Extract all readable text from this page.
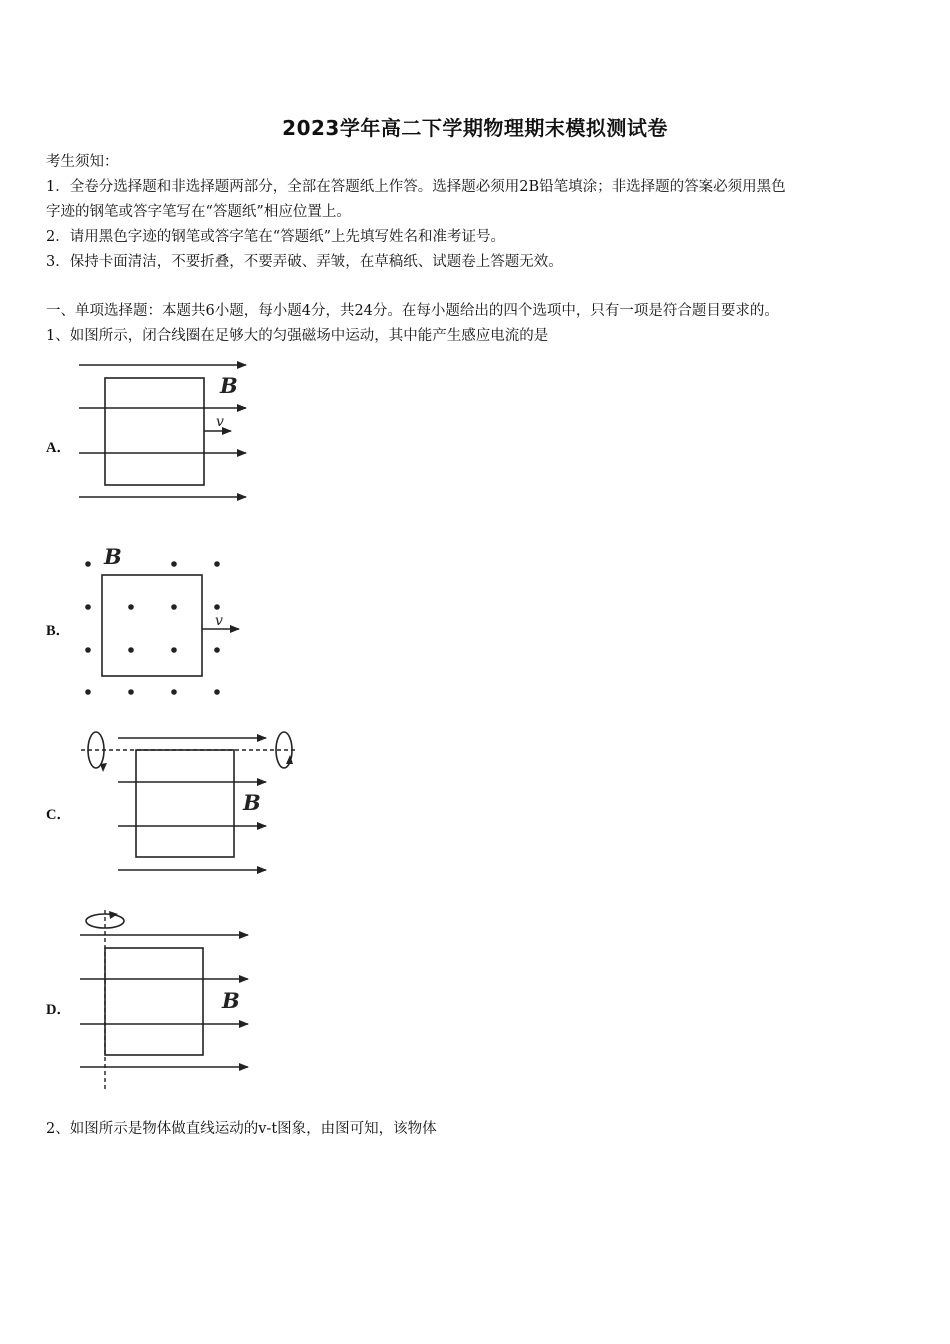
2023学年高二下学期物理期末模拟测试卷
考生须知：
1．全卷分选择题和非选择题两部分，全部在答题纸上作答。选择题必须用2B铅笔填涂；非选择题的答案必须用黑色
字迹的钢笔或答字笔写在“答题纸”相应位置上。
2．请用黑色字迹的钢笔或答字笔在“答题纸”上先填写姓名和准考证号。
3．保持卡面清洁，不要折叠，不要弄破、弄皱，在草稿纸、试题卷上答题无效。
一、单项选择题：本题共6小题，每小题4分，共24分。在每小题给出的四个选项中，只有一项是符合题目要求的。
1、如图所示，闭合线圈在足够大的匀强磁场中运动，其中能产生感应电流的是
A．
v
B
B．
v
B
C．	B
D．	B
2、如图所示是物体做直线运动的v-t图象，由图可知，该物体
